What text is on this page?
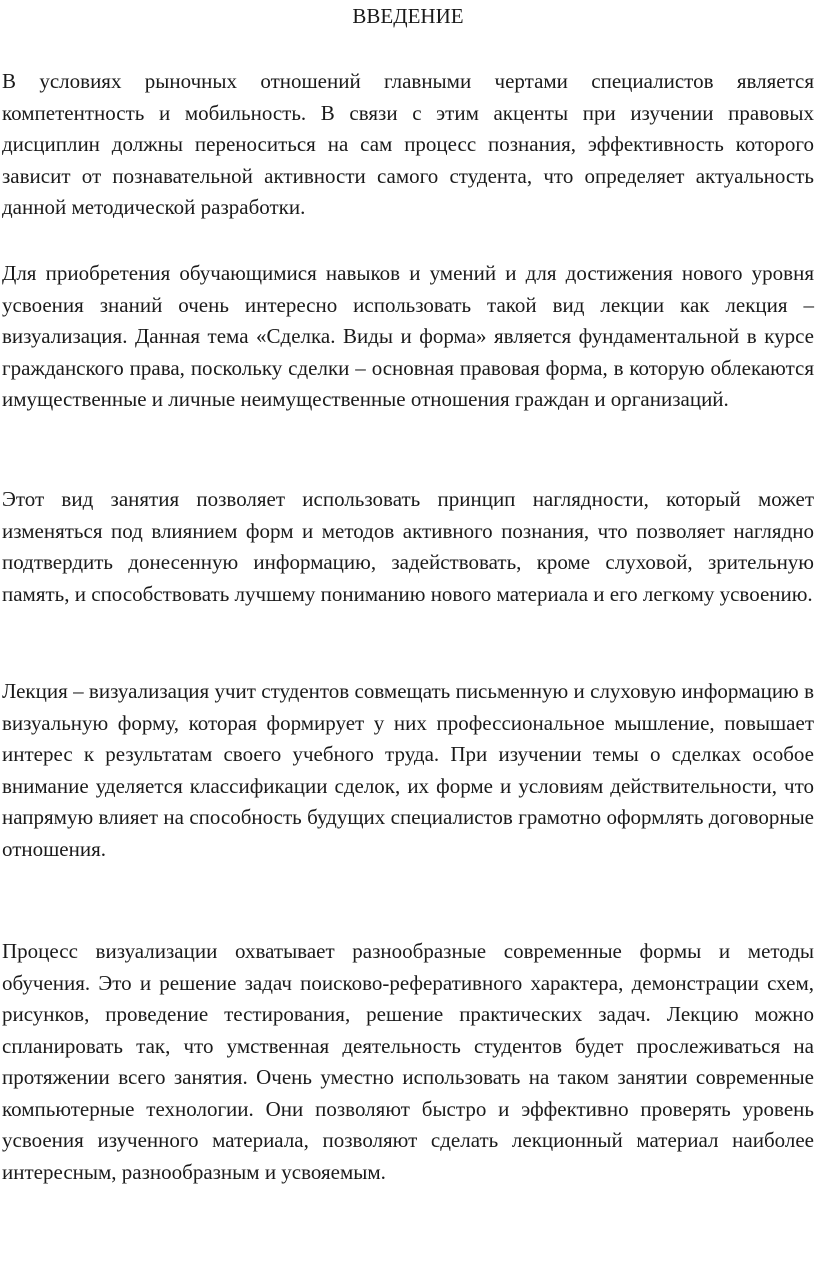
ВВЕДЕНИЕ

В условиях рыночных отношений главными чертами специалистов является компетентность и мобильность. В связи с этим акценты при изучении правовых дисциплин должны переноситься на сам процесс познания, эффективность которого зависит от познавательной активности самого студента, что определяет актуальность данной методической разработки.

Для приобретения обучающимися навыков и умений и для достижения нового уровня усвоения знаний очень интересно использовать такой вид лекции как лекция – визуализация. Данная тема «Сделка. Виды и форма» является фундаментальной в курсе гражданского права, поскольку сделки – основная правовая форма, в которую облекаются имущественные и личные неимущественные отношения граждан и организаций.

Этот вид занятия позволяет использовать принцип наглядности, который может изменяться под влиянием форм и методов активного познания, что позволяет наглядно подтвердить донесенную информацию, задействовать, кроме слуховой, зрительную память, и способствовать лучшему пониманию нового материала и его легкому усвоению.

Лекция – визуализация учит студентов совмещать письменную и слуховую информацию в визуальную форму, которая формирует у них профессиональное мышление, повышает интерес к результатам своего учебного труда. При изучении темы о сделках особое внимание уделяется классификации сделок, их форме и условиям действительности, что напрямую влияет на способность будущих специалистов грамотно оформлять договорные отношения.

Процесс визуализации охватывает разнообразные современные формы и методы обучения. Это и решение задач поисково-реферативного характера, демонстрации схем, рисунков, проведение тестирования, решение практических задач. Лекцию можно спланировать так, что умственная деятельность студентов будет прослеживаться на протяжении всего занятия. Очень уместно использовать на таком занятии современные компьютерные технологии. Они позволяют быстро и эффективно проверять уровень усвоения изученного материала, позволяют сделать лекционный материал наиболее интересным, разнообразным и усвояемым.
